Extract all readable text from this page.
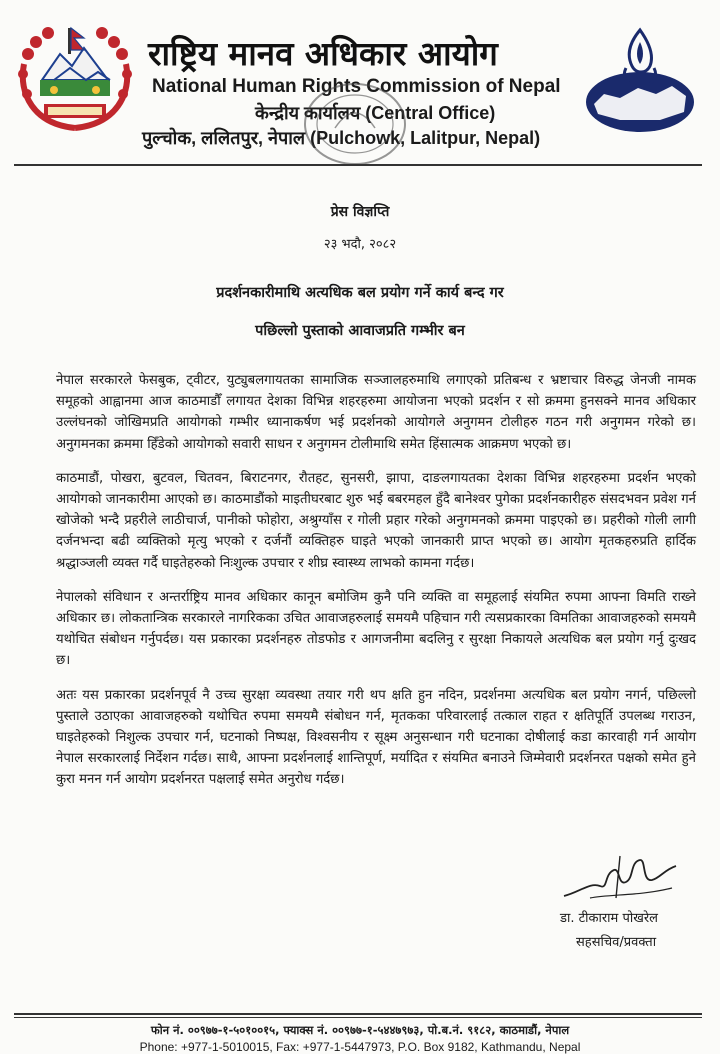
राष्ट्रिय मानव अधिकार आयोग
National Human Rights Commission of Nepal
केन्द्रीय कार्यालय (Central Office)
पुल्चोक, ललितपुर, नेपाल (Pulchowk, Lalitpur, Nepal)
प्रेस विज्ञप्ति
२३ भदौ, २०८२
प्रदर्शनकारीमाथि अत्यधिक बल प्रयोग गर्ने कार्य बन्द गर
पछिल्लो पुस्ताको आवाजप्रति गम्भीर बन

नेपाल सरकारले फेसबुक, ट्वीटर, युट्युबलगायतका सामाजिक सञ्जालहरुमाथि लगाएको प्रतिबन्ध र भ्रष्टाचार विरुद्ध जेनजी नामक समूहको आह्वानमा आज काठमाडौँ लगायत देशका विभिन्न शहरहरुमा आयोजना भएको प्रदर्शन र सो क्रममा हुनसक्ने मानव अधिकार उल्लंघनको जोखिमप्रति आयोगको गम्भीर ध्यानाकर्षण भई प्रदर्शनको आयोगले अनुगमन टोलीहरु गठन गरी अनुगमन गरेको छ। अनुगमनका क्रममा हिँडेको आयोगको सवारी साधन र अनुगमन टोलीमाथि समेत हिंसात्मक आक्रमण भएको छ।

काठमाडौं, पोखरा, बुटवल, चितवन, बिराटनगर, रौतहट, सुनसरी, झापा, दाङलगायतका देशका विभिन्न शहरहरुमा प्रदर्शन भएको आयोगको जानकारीमा आएको छ। काठमाडौंको माइतीघरबाट शुरु भई बबरमहल हुँदै बानेश्वर पुगेका प्रदर्शनकारीहरु संसदभवन प्रवेश गर्न खोजेको भन्दै प्रहरीले लाठीचार्ज, पानीको फोहोरा, अश्रुग्याँस र गोली प्रहार गरेको अनुगमनको क्रममा पाइएको छ। प्रहरीको गोली लागी दर्जनभन्दा बढी व्यक्तिको मृत्यु भएको र दर्जनौं व्यक्तिहरु घाइते भएको जानकारी प्राप्त भएको छ। आयोग मृतकहरुप्रति हार्दिक श्रद्धाञ्जली व्यक्त गर्दै घाइतेहरुको निःशुल्क उपचार र शीघ्र स्वास्थ्य लाभको कामना गर्दछ।

नेपालको संविधान र अन्तर्राष्ट्रिय मानव अधिकार कानून बमोजिम कुनै पनि व्यक्ति वा समूहलाई संयमित रुपमा आफ्ना विमति राख्ने अधिकार छ। लोकतान्त्रिक सरकारले नागरिकका उचित आवाजहरुलाई समयमै पहिचान गरी त्यसप्रकारका विमतिका आवाजहरुको समयमै यथोचित संबोधन गर्नुपर्दछ। यस प्रकारका प्रदर्शनहरु तोडफोड र आगजनीमा बदलिनु र सुरक्षा निकायले अत्यधिक बल प्रयोग गर्नु दुःखद छ।

अतः यस प्रकारका प्रदर्शनपूर्व नै उच्च सुरक्षा व्यवस्था तयार गरी थप क्षति हुन नदिन, प्रदर्शनमा अत्यधिक बल प्रयोग नगर्न, पछिल्लो पुस्ताले उठाएका आवाजहरुको यथोचित रुपमा समयमै संबोधन गर्न, मृतकका परिवारलाई तत्काल राहत र क्षतिपूर्ति उपलब्ध गराउन, घाइतेहरुको निशुल्क उपचार गर्न, घटनाको निष्पक्ष, विश्वसनीय र सूक्ष्म अनुसन्धान गरी घटनाका दोषीलाई कडा कारवाही गर्न आयोग नेपाल सरकारलाई निर्देशन गर्दछ। साथै, आफ्ना प्रदर्शनलाई शान्तिपूर्ण, मर्यादित र संयमित बनाउने जिम्मेवारी प्रदर्शनरत पक्षको समेत हुने कुरा मनन गर्न आयोग प्रदर्शनरत पक्षलाई समेत अनुरोध गर्दछ।

डा. टीकाराम पोखरेल
सहसचिव/प्रवक्ता
फोन नं. ००९७७-१-५०१००१५, फ्याक्स नं. ००९७७-१-५४४७९७३, पो.ब.नं. ९१८२, काठमाडौं, नेपाल
Phone: +977-1-5010015, Fax: +977-1-5447973, P.O. Box 9182, Kathmandu, Nepal
